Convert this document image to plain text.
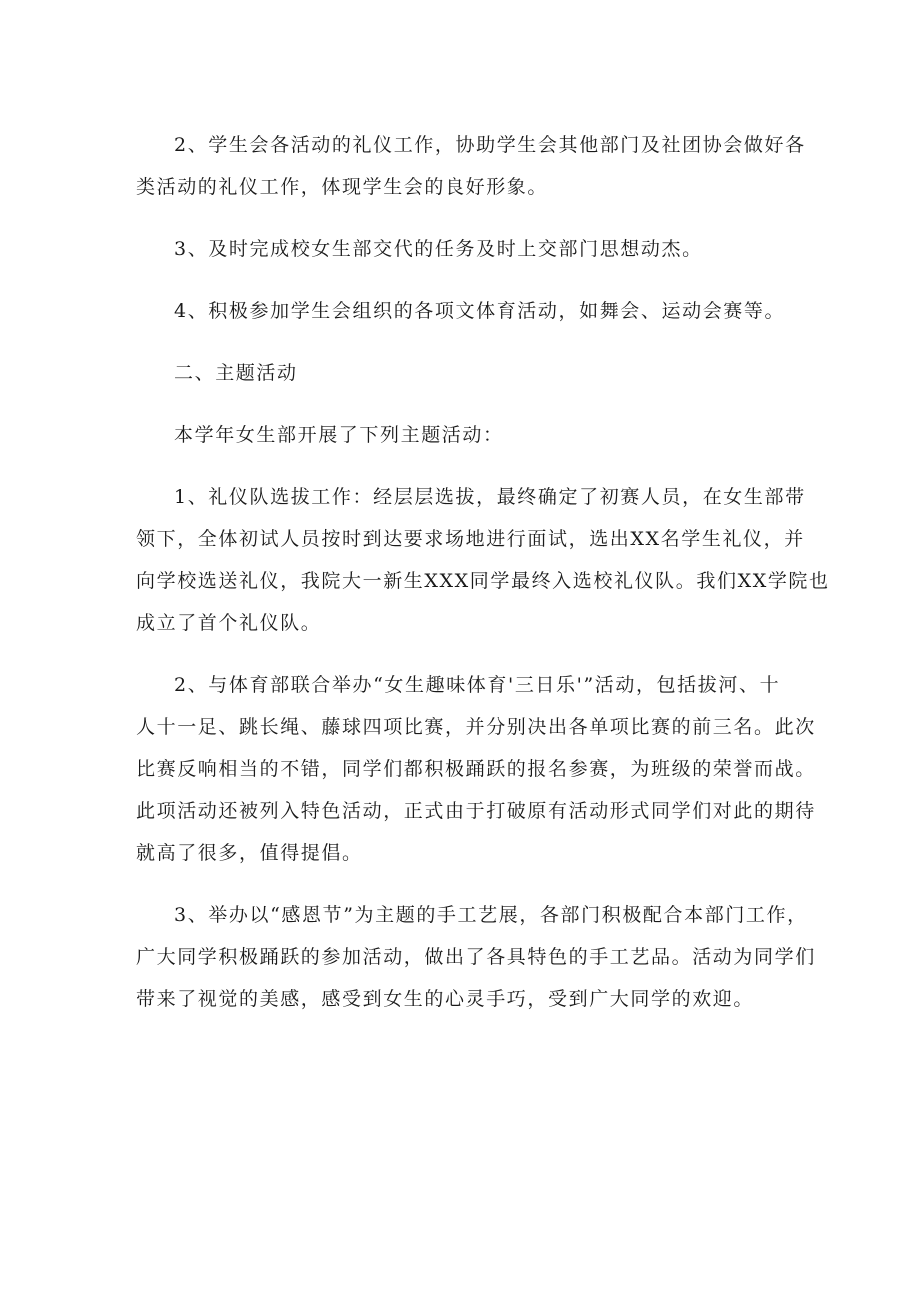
2、学生会各活动的礼仪工作，协助学生会其他部门及社团协会做好各
类活动的礼仪工作，体现学生会的良好形象。

3、及时完成校女生部交代的任务及时上交部门思想动杰。

4、积极参加学生会组织的各项文体育活动，如舞会、运动会赛等。

二、主题活动

本学年女生部开展了下列主题活动：

1、礼仪队选拔工作：经层层选拔，最终确定了初赛人员，在女生部带
领下，全体初试人员按时到达要求场地进行面试，选出XX名学生礼仪，并
向学校选送礼仪，我院大一新生XXX同学最终入选校礼仪队。我们XX学院也
成立了首个礼仪队。

2、与体育部联合举办“女生趣味体育'三日乐'”活动，包括拔河、十
人十一足、跳长绳、藤球四项比赛，并分别决出各单项比赛的前三名。此次
比赛反响相当的不错，同学们都积极踊跃的报名参赛，为班级的荣誉而战。
此项活动还被列入特色活动，正式由于打破原有活动形式同学们对此的期待
就高了很多，值得提倡。

3、举办以“感恩节”为主题的手工艺展，各部门积极配合本部门工作，
广大同学积极踊跃的参加活动，做出了各具特色的手工艺品。活动为同学们
带来了视觉的美感，感受到女生的心灵手巧，受到广大同学的欢迎。
